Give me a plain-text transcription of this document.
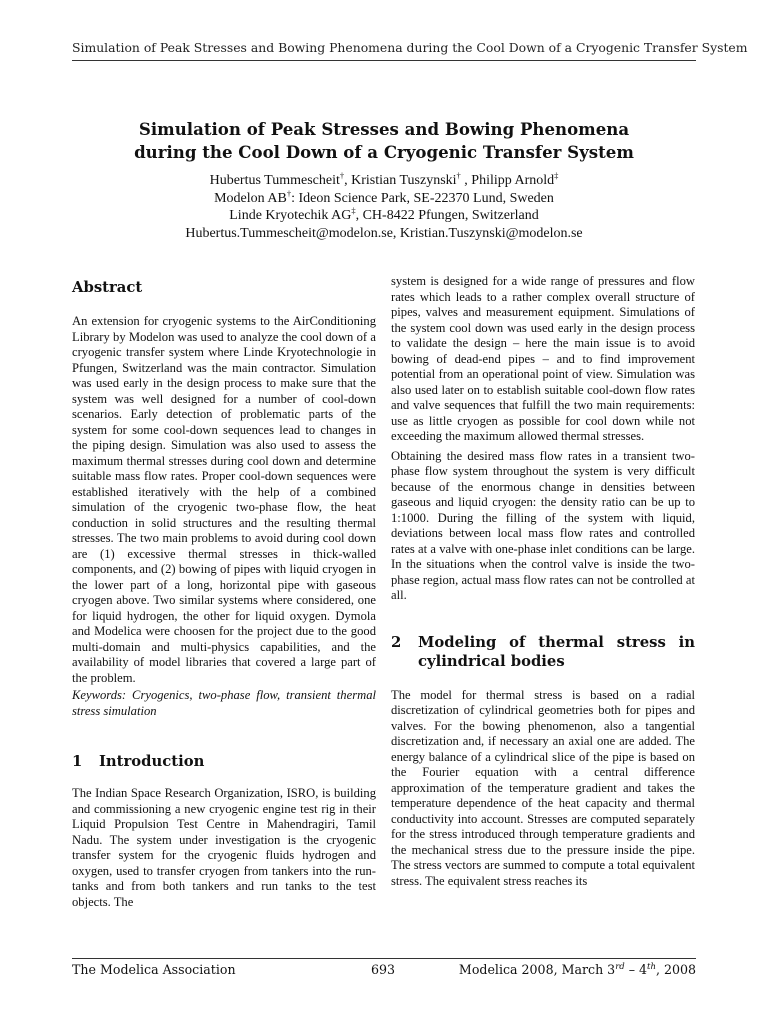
Simulation of Peak Stresses and Bowing Phenomena during the Cool Down of a Cryogenic Transfer System
Simulation of Peak Stresses and Bowing Phenomena
during the Cool Down of a Cryogenic Transfer System
Hubertus Tummescheit†, Kristian Tuszynski† , Philipp Arnold‡
Modelon AB†: Ideon Science Park, SE-22370 Lund, Sweden
Linde Kryotechik AG‡, CH-8422 Pfungen, Switzerland
Hubertus.Tummescheit@modelon.se, Kristian.Tuszynski@modelon.se
Abstract

An extension for cryogenic systems to the AirConditioning Library by Modelon was used to analyze the cool down of a cryogenic transfer system where Linde Kryotechnologie in Pfungen, Switzerland was the main contractor. Simulation was used early in the design process to make sure that the system was well designed for a number of cool-down scenarios. Early detection of problematic parts of the system for some cool-down sequences lead to changes in the piping design. Simulation was also used to assess the maximum thermal stresses during cool down and determine suitable mass flow rates. Proper cool-down sequences were established iteratively with the help of a combined simulation of the cryogenic two-phase flow, the heat conduction in solid structures and the resulting thermal stresses. The two main problems to avoid during cool down are (1) excessive thermal stresses in thick-walled components, and (2) bowing of pipes with liquid cryogen in the lower part of a long, horizontal pipe with gaseous cryogen above. Two similar systems where considered, one for liquid hydrogen, the other for liquid oxygen. Dymola and Modelica were choosen for the project due to the good multi-domain and multi-physics capabilities, and the availability of model libraries that covered a large part of the problem.

Keywords: Cryogenics, two-phase flow, transient thermal stress simulation

1 Introduction

The Indian Space Research Organization, ISRO, is building and commissioning a new cryogenic engine test rig in their Liquid Propulsion Test Centre in Mahendragiri, Tamil Nadu. The system under investigation is the cryogenic transfer system for the cryogenic fluids hydrogen and oxygen, used to transfer cryogen from tankers into the run-tanks and from both tankers and run tanks to the test objects. The

system is designed for a wide range of pressures and flow rates which leads to a rather complex overall structure of pipes, valves and measurement equipment. Simulations of the system cool down was used early in the design process to validate the design – here the main issue is to avoid bowing of dead-end pipes – and to find improvement potential from an operational point of view. Simulation was also used later on to establish suitable cool-down flow rates and valve sequences that fulfill the two main requirements: use as little cryogen as possible for cool down while not exceeding the maximum allowed thermal stresses.

Obtaining the desired mass flow rates in a transient two-phase flow system throughout the system is very difficult because of the enormous change in densities between gaseous and liquid cryogen: the density ratio can be up to 1:1000. During the filling of the system with liquid, deviations between local mass flow rates and controlled rates at a valve with one-phase inlet conditions can be large. In the situations when the control valve is inside the two-phase region, actual mass flow rates can not be controlled at all.

2	Modeling of thermal stress in
cylindrical bodies

The model for thermal stress is based on a radial discretization of cylindrical geometries both for pipes and valves. For the bowing phenomenon, also a tangential discretization and, if necessary an axial one are added. The energy balance of a cylindrical slice of the pipe is based on the Fourier equation with a central difference approximation of the temperature gradient and takes the temperature dependence of the heat capacity and thermal conductivity into account. Stresses are computed separately for the stress introduced through temperature gradients and the mechanical stress due to the pressure inside the pipe. The stress vectors are summed to compute a total equivalent stress. The equivalent stress reaches its

The Modelica Association	693	Modelica 2008, March 3rd – 4th, 2008
